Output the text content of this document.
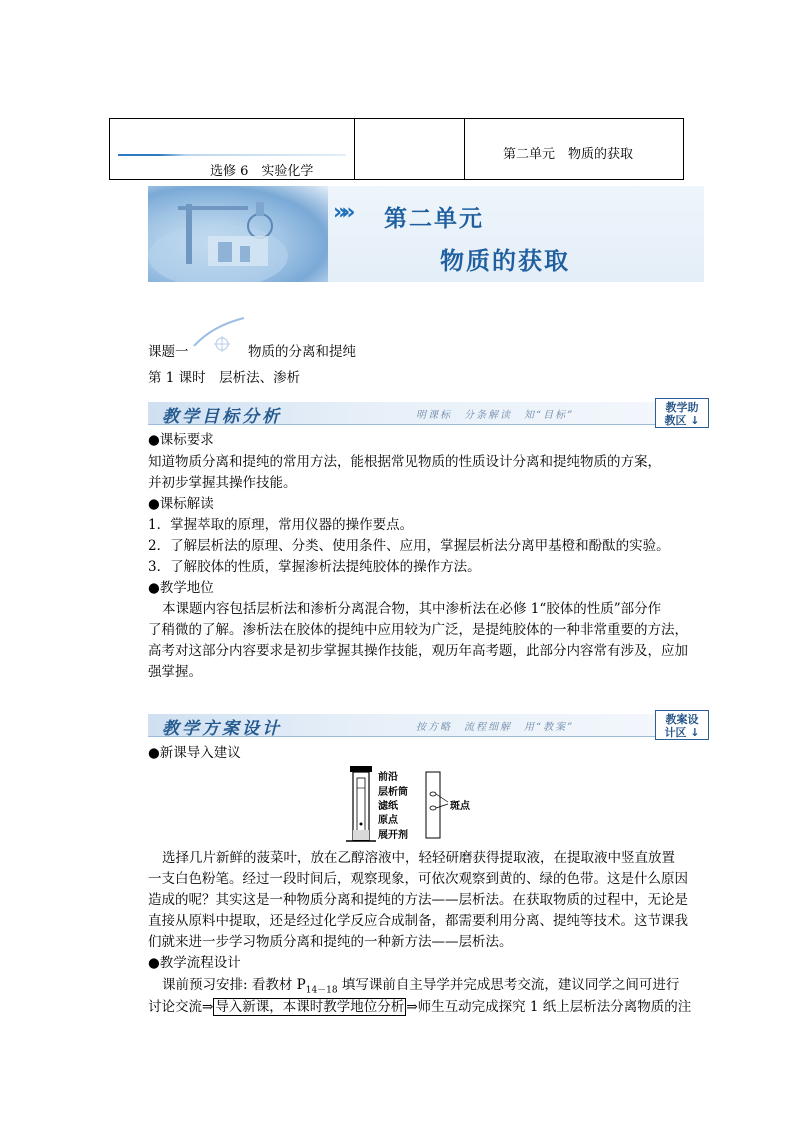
选修 6　实验化学
第二单元　物质的获取
»» 第二单元
物质的获取
课题一	物质的分离和提纯
第 1 课时　层析法、渗析
教学目标分析	明课标　分条解读　知“目标”
教学助
教区 ↓
● 课标要求
知道物质分离和提纯的常用方法，能根据常见物质的性质设计分离和提纯物质的方案，
并初步掌握其操作技能。
● 课标解读
1．掌握萃取的原理，常用仪器的操作要点。
2．了解层析法的原理、分类、使用条件、应用，掌握层析法分离甲基橙和酚酞的实验。
3．了解胶体的性质，掌握渗析法提纯胶体的操作方法。
● 教学地位
本课题内容包括层析法和渗析分离混合物，其中渗析法在必修 1“胶体的性质”部分作
了稍微的了解。渗析法在胶体的提纯中应用较为广泛，是提纯胶体的一种非常重要的方法，
高考对这部分内容要求是初步掌握其操作技能，观历年高考题，此部分内容常有涉及，应加
强掌握。
教学方案设计	按方略　流程细解　用“教案”
教案设
计区 ↓
● 新课导入建议
前沿
层析筒
滤纸
原点
展开剂
斑点
选择几片新鲜的菠菜叶，放在乙醇溶液中，轻轻研磨获得提取液，在提取液中竖直放置
一支白色粉笔。经过一段时间后，观察现象，可依次观察到黄的、绿的色带。这是什么原因
造成的呢？其实这是一种物质分离和提纯的方法——层析法。在获取物质的过程中，无论是
直接从原料中提取，还是经过化学反应合成制备，都需要利用分离、提纯等技术。这节课我
们就来进一步学习物质分离和提纯的一种新方法——层析法。
● 教学流程设计
课前预习安排: 看教材 $P_{14-18}$ 填写课前自主导学并完成思考交流，建议同学之间可进行
讨论交流⇒ 导入新课，本课时教学地位分析 ⇒师生互动完成探究 1 纸上层析法分离物质的注
